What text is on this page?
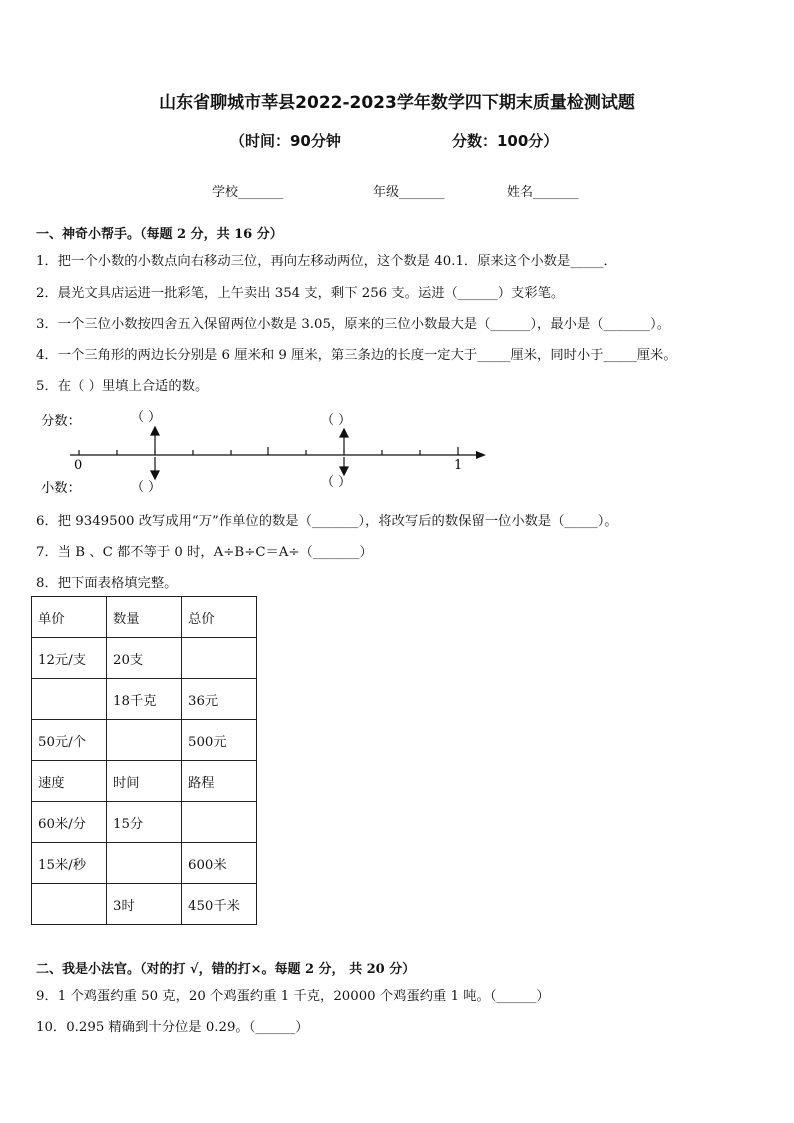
山东省聊城市莘县2022-2023学年数学四下期末质量检测试题
（时间：90分钟	分数：100分）
学校_______	年级_______	姓名_______
一、神奇小帮手。（每题 2 分，共 16 分）
1．把一个小数的小数点向右移动三位，再向左移动两位，这个数是 40.1．原来这个小数是_____．
2．晨光文具店运进一批彩笔，上午卖出 354 支，剩下 256 支。运进（______）支彩笔。
3．一个三位小数按四舍五入保留两位小数是 3.05，原来的三位小数最大是（______），最小是（_______）。
4．一个三角形的两边长分别是 6 厘米和 9 厘米，第三条边的长度一定大于_____厘米，同时小于_____厘米。
5．在（ ）里填上合适的数。
分数：
小数：
0	1
（ ）
（ ）
（ ）
（ ）
6．把 9349500 改写成用“万”作单位的数是（_______），将改写后的数保留一位小数是（_____）。
7．当 B 、C 都不等于 0 时，A÷B÷C＝A÷（_______）
8．把下面表格填完整。
单价	数量	总价
12元/支	20支	
	18千克	36元
50元/个		500元
速度	时间	路程
60米/分	15分	
15米/秒		600米
	3时	450千米
二、我是小法官。（对的打 √，错的打×。每题 2 分， 共 20 分）
9．1 个鸡蛋约重 50 克，20 个鸡蛋约重 1 千克，20000 个鸡蛋约重 1 吨。（______）
10．0.295 精确到十分位是 0.29。（______）
